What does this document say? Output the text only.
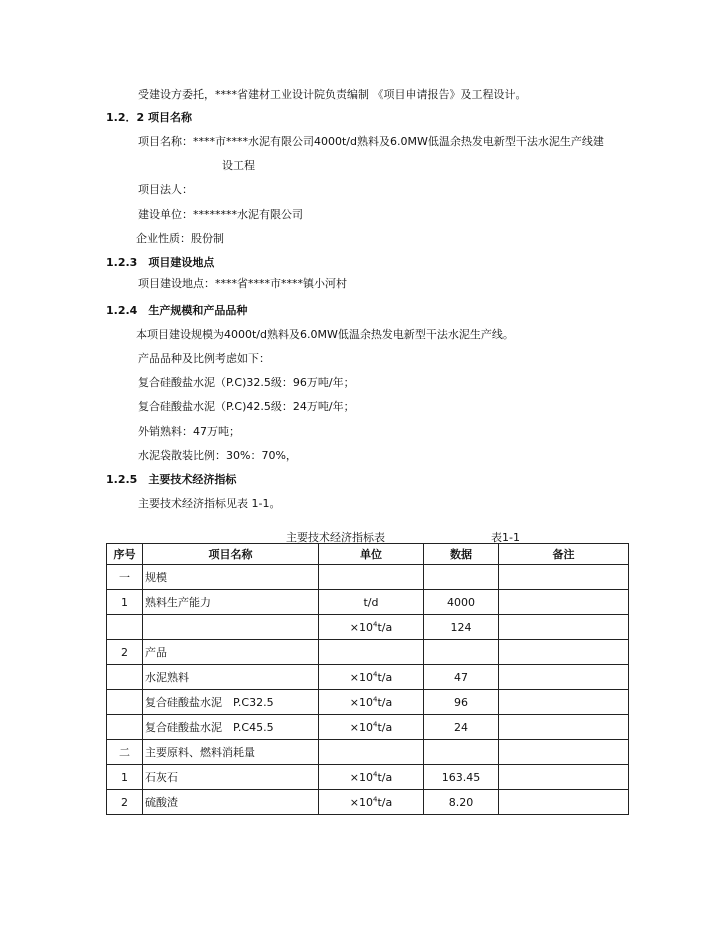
受建设方委托，****省建材工业设计院负责编制 《项目申请报告》及工程设计。
1.2．2 项目名称
项目名称：****市****水泥有限公司4000t/d熟料及6.0MW低温余热发电新型干法水泥生产线建
设工程
项目法人：
建设单位：********水泥有限公司
企业性质：股份制
1.2.3　项目建设地点
项目建设地点：****省****市****镇小河村
1.2.4　生产规模和产品品种
本项目建设规模为4000t/d熟料及6.0MW低温余热发电新型干法水泥生产线。
产品品种及比例考虑如下：
复合硅酸盐水泥（P.C)32.5级：96万吨/年；
复合硅酸盐水泥（P.C)42.5级：24万吨/年；
外销熟料：47万吨；
水泥袋散装比例：30%：70%，
1.2.5　主要技术经济指标
主要技术经济指标见表 1-1。
主要技术经济指标表	表1-1
序号	项目名称	单位	数据	备注
一	规模			
1	熟料生产能力	t/d	4000	
		$\times 10^4t/a$	124	
2	产品			
	水泥熟料	$\times 10^4t/a$	47	
	复合硅酸盐水泥　P.C32.5	$\times 10^4t/a$	96	
	复合硅酸盐水泥　P.C45.5	$\times 10^4t/a$	24	
二	主要原料、燃料消耗量			
1	石灰石	$\times 10^4t/a$	163.45	
2	硫酸渣	$\times 10^4t/a$	8.20	
